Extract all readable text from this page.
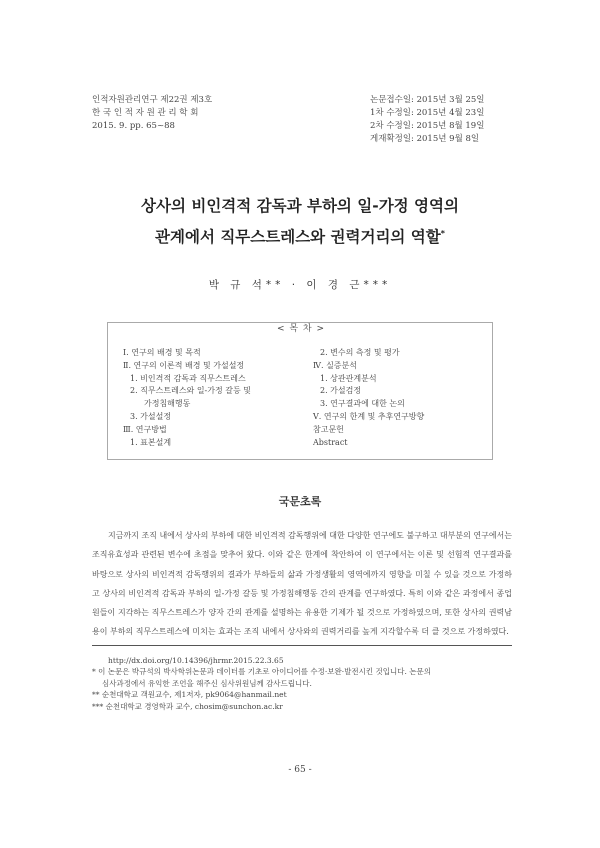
인적자원관리연구 제22권 제3호
한 국 인 적 자 원 관 리 학 회
2015. 9. pp. 65~88
논문접수일: 2015년 3월 25일
1차 수정일: 2015년 4월 23일
2차 수정일: 2015년 8월 19일
게재확정일: 2015년 9월 8일
상사의 비인격적 감독과 부하의 일-가정 영역의
관계에서 직무스트레스와 권력거리의 역할*
박 규 석** · 이 경 근***
< 목 차 >
Ⅰ. 연구의 배경 및 목적
Ⅱ. 연구의 이론적 배경 및 가설설정
1. 비인격적 감독과 직무스트레스
2. 직무스트레스와 일-가정 갈등 및
가정침해행동
3. 가설설정
Ⅲ. 연구방법
1. 표본설계
2. 변수의 측정 및 평가
Ⅳ. 실증분석
1. 상관관계분석
2. 가설검정
3. 연구결과에 대한 논의
Ⅴ. 연구의 한계 및 추후연구방향
참고문헌
Abstract
국문초록

지금까지 조직 내에서 상사의 부하에 대한 비인격적 감독행위에 대한 다양한 연구에도 불구하고 대부분의 연구에서는 조직유효성과 관련된 변수에 초점을 맞추어 왔다. 이와 같은 한계에 착안하여 이 연구에서는 이론 및 선험적 연구결과를 바탕으로 상사의 비인격적 감독행위의 결과가 부하들의 삶과 가정생활의 영역에까지 영향을 미칠 수 있을 것으로 가정하고 상사의 비인격적 감독과 부하의 일-가정 갈등 및 가정침해행동 간의 관계를 연구하였다. 특히 이와 같은 과정에서 종업원들이 지각하는 직무스트레스가 양자 간의 관계를 설명하는 유용한 기제가 될 것으로 가정하였으며, 또한 상사의 권력남용이 부하의 직무스트레스에 미치는 효과는 조직 내에서 상사와의 권력거리를 높게 지각할수록 더 클 것으로 가정하였다.

http://dx.doi.org/10.14396/jhrmr.2015.22.3.65
* 이 논문은 박규석의 박사학위논문과 데이터를 기초로 아이디어를 수정·보완·발전시킨 것입니다. 논문의
심사과정에서 유익한 조언을 해주신 심사위원님께 감사드립니다.
** 순천대학교 객원교수, 제1저자, pk9064@hanmail.net
*** 순천대학교 경영학과 교수, chosim@sunchon.ac.kr
- 65 -
